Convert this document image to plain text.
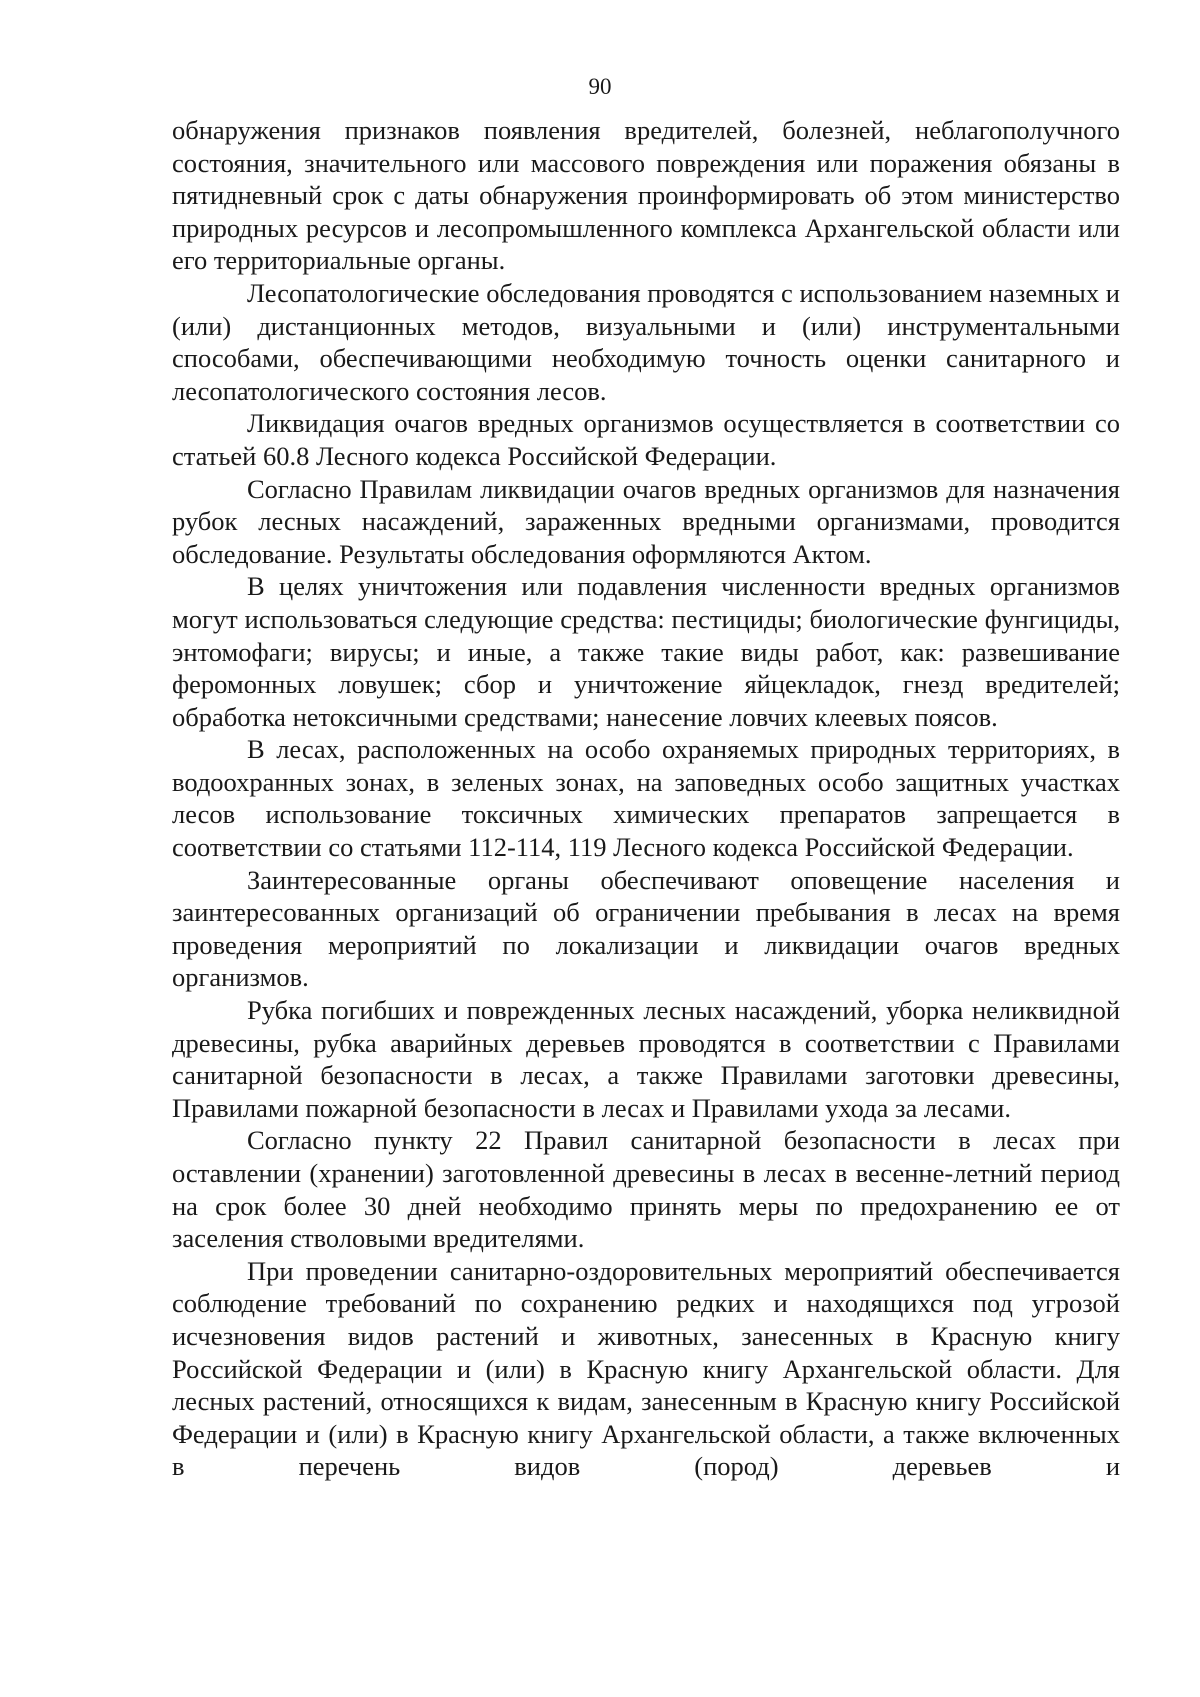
90

обнаружения признаков появления вредителей, болезней, неблагополучного состояния, значительного или массового повреждения или поражения обязаны в пятидневный срок с даты обнаружения проинформировать об этом министерство природных ресурсов и лесопромышленного комплекса Архангельской области или его территориальные органы.

Лесопатологические обследования проводятся с использованием наземных и (или) дистанционных методов, визуальными и (или) инструментальными способами, обеспечивающими необходимую точность оценки санитарного и лесопатологического состояния лесов.

Ликвидация очагов вредных организмов осуществляется в соответствии со статьей 60.8 Лесного кодекса Российской Федерации.

Согласно Правилам ликвидации очагов вредных организмов для назначения рубок лесных насаждений, зараженных вредными организмами, проводится обследование. Результаты обследования оформляются Актом.

В целях уничтожения или подавления численности вредных организмов могут использоваться следующие средства: пестициды; биологические фунгициды, энтомофаги; вирусы; и иные, а также такие виды работ, как: развешивание феромонных ловушек; сбор и уничтожение яйцекладок, гнезд вредителей; обработка нетоксичными средствами; нанесение ловчих клеевых поясов.

В лесах, расположенных на особо охраняемых природных территориях, в водоохранных зонах, в зеленых зонах, на заповедных особо защитных участках лесов использование токсичных химических препаратов запрещается в соответствии со статьями 112-114, 119 Лесного кодекса Российской Федерации.

Заинтересованные органы обеспечивают оповещение населения и заинтересованных организаций об ограничении пребывания в лесах на время проведения мероприятий по локализации и ликвидации очагов вредных организмов.

Рубка погибших и поврежденных лесных насаждений, уборка неликвидной древесины, рубка аварийных деревьев проводятся в соответствии с Правилами санитарной безопасности в лесах, а также Правилами заготовки древесины, Правилами пожарной безопасности в лесах и Правилами ухода за лесами.

Согласно пункту 22 Правил санитарной безопасности в лесах при оставлении (хранении) заготовленной древесины в лесах в весенне-летний период на срок более 30 дней необходимо принять меры по предохранению ее от заселения стволовыми вредителями.

При проведении санитарно-оздоровительных мероприятий обеспечивается соблюдение требований по сохранению редких и находящихся под угрозой исчезновения видов растений и животных, занесенных в Красную книгу Российской Федерации и (или) в Красную книгу Архангельской области. Для лесных растений, относящихся к видам, занесенным в Красную книгу Российской Федерации и (или) в Красную книгу Архангельской области, а также включенных в перечень видов (пород) деревьев и
